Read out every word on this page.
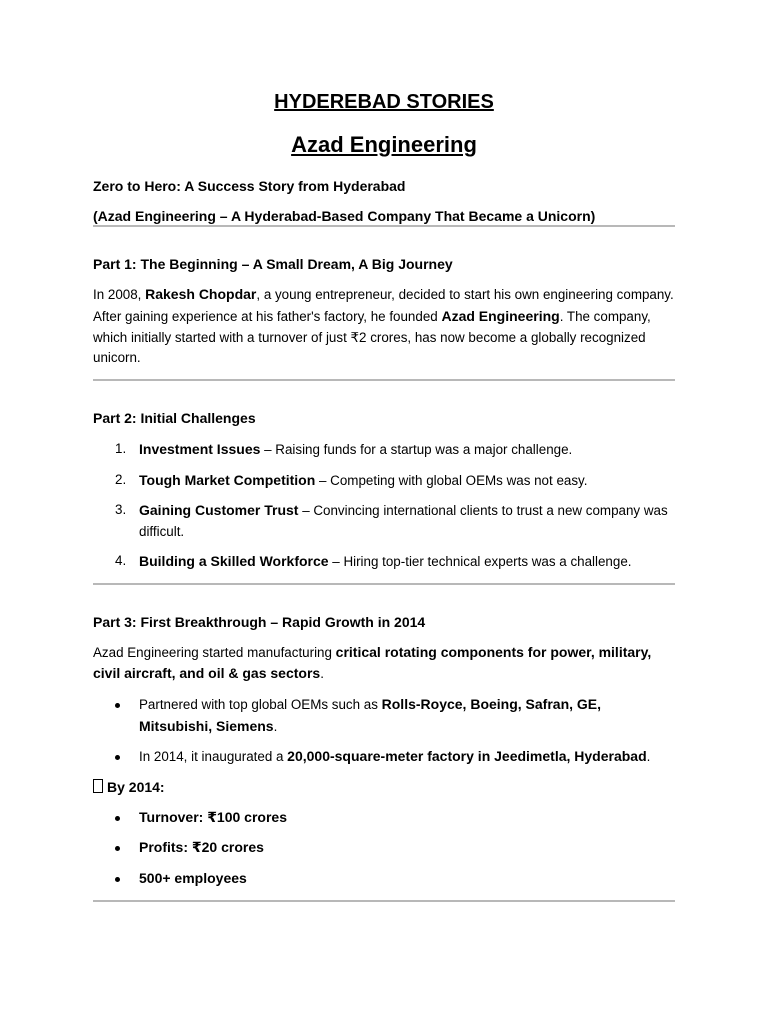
HYDEREBAD STORIES
Azad Engineering

Zero to Hero: A Success Story from Hyderabad

(Azad Engineering – A Hyderabad-Based Company That Became a Unicorn)

Part 1: The Beginning – A Small Dream, A Big Journey

In 2008, Rakesh Chopdar, a young entrepreneur, decided to start his own engineering company. After gaining experience at his father's factory, he founded Azad Engineering. The company, which initially started with a turnover of just ₹2 crores, has now become a globally recognized unicorn.

Part 2: Initial Challenges

1. Investment Issues – Raising funds for a startup was a major challenge.
2. Tough Market Competition – Competing with global OEMs was not easy.
3. Gaining Customer Trust – Convincing international clients to trust a new company was difficult.
4. Building a Skilled Workforce – Hiring top-tier technical experts was a challenge.

Part 3: First Breakthrough – Rapid Growth in 2014

Azad Engineering started manufacturing critical rotating components for power, military, civil aircraft, and oil & gas sectors.

Partnered with top global OEMs such as Rolls-Royce, Boeing, Safran, GE, Mitsubishi, Siemens.
In 2014, it inaugurated a 20,000-square-meter factory in Jeedimetla, Hyderabad.

By 2014:

Turnover: ₹100 crores
Profits: ₹20 crores
500+ employees
